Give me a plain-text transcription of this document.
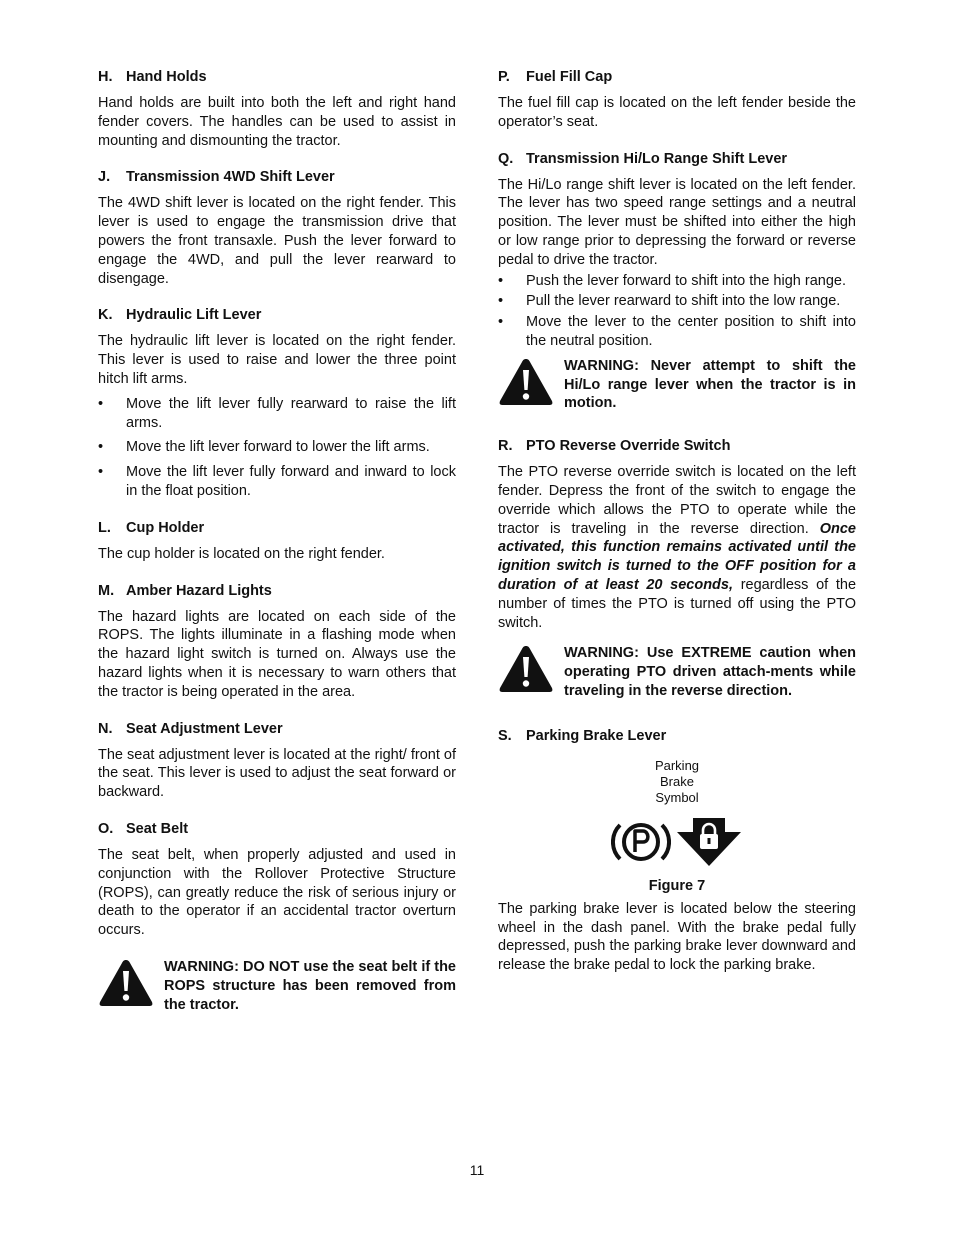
H. Hand Holds

Hand holds are built into both the left and right hand fender covers. The handles can be used to assist in mounting and dismounting the tractor.

J. Transmission 4WD Shift Lever

The 4WD shift lever is located on the right fender. This lever is used to engage the transmission drive that powers the front transaxle. Push the lever forward to engage the 4WD, and pull the lever rearward to disengage.

K. Hydraulic Lift Lever

The hydraulic lift lever is located on the right fender. This lever is used to raise and lower the three point hitch lift arms.

• Move the lift lever fully rearward to raise the lift arms.
• Move the lift lever forward to lower the lift arms.
• Move the lift lever fully forward and inward to lock in the float position.
L. Cup Holder

The cup holder is located on the right fender.

M. Amber Hazard Lights

The hazard lights are located on each side of the ROPS. The lights illuminate in a flashing mode when the hazard light switch is turned on. Always use the hazard lights when it is necessary to warn others that the tractor is being operated in the area.

N. Seat Adjustment Lever

The seat adjustment lever is located at the right/ front of the seat. This lever is used to adjust the seat forward or backward.

O. Seat Belt

The seat belt, when properly adjusted and used in conjunction with the Rollover Protective Structure (ROPS), can greatly reduce the risk of serious injury or death to the operator if an accidental tractor overturn occurs.

WARNING: DO NOT use the seat belt if the ROPS structure has been removed from the tractor.
P. Fuel Fill Cap

The fuel fill cap is located on the left fender beside the operator’s seat.

Q. Transmission Hi/Lo Range Shift Lever

The Hi/Lo range shift lever is located on the left fender. The lever has two speed range settings and a neutral position. The lever must be shifted into either the high or low range prior to depressing the forward or reverse pedal to drive the tractor.

• Push the lever forward to shift into the high range.
• Pull the lever rearward to shift into the low range.
• Move the lever to the center position to shift into the neutral position.
WARNING: Never attempt to shift the Hi/Lo range lever when the tractor is in motion.
R. PTO Reverse Override Switch

The PTO reverse override switch is located on the left fender. Depress the front of the switch to engage the override which allows the PTO to operate while the tractor is traveling in the reverse direction. Once activated, this function remains activated until the ignition switch is turned to the OFF position for a duration of at least 20 seconds, regardless of the number of times the PTO is turned off using the PTO switch.

WARNING: Use EXTREME caution when operating PTO driven attach-ments while traveling in the reverse direction.
S. Parking Brake Lever
Parking
Brake
Symbol
Figure 7

The parking brake lever is located below the steering wheel in the dash panel. With the brake pedal fully depressed, push the parking brake lever downward and release the brake pedal to lock the parking brake.

11
